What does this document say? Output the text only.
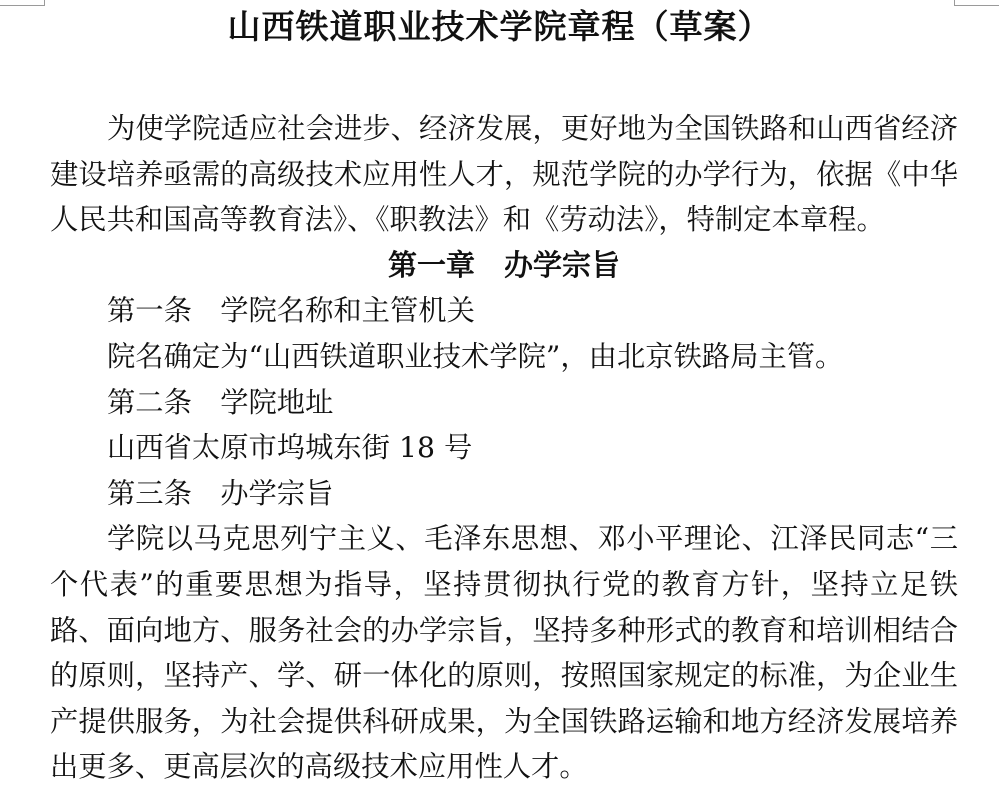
山西铁道职业技术学院章程（草案）

为使学院适应社会进步、经济发展，更好地为全国铁路和山西省经济建设培养亟需的高级技术应用性人才，规范学院的办学行为，依据《中华人民共和国高等教育法》、《职教法》和《劳动法》，特制定本章程。

第一章　办学宗旨

第一条　学院名称和主管机关

院名确定为“山西铁道职业技术学院”，由北京铁路局主管。

第二条　学院地址

山西省太原市坞城东街 18 号

第三条　办学宗旨

学院以马克思列宁主义、毛泽东思想、邓小平理论、江泽民同志“三个代表”的重要思想为指导，坚持贯彻执行党的教育方针，坚持立足铁路、面向地方、服务社会的办学宗旨，坚持多种形式的教育和培训相结合的原则，坚持产、学、研一体化的原则，按照国家规定的标准，为企业生产提供服务，为社会提供科研成果，为全国铁路运输和地方经济发展培养出更多、更高层次的高级技术应用性人才。
